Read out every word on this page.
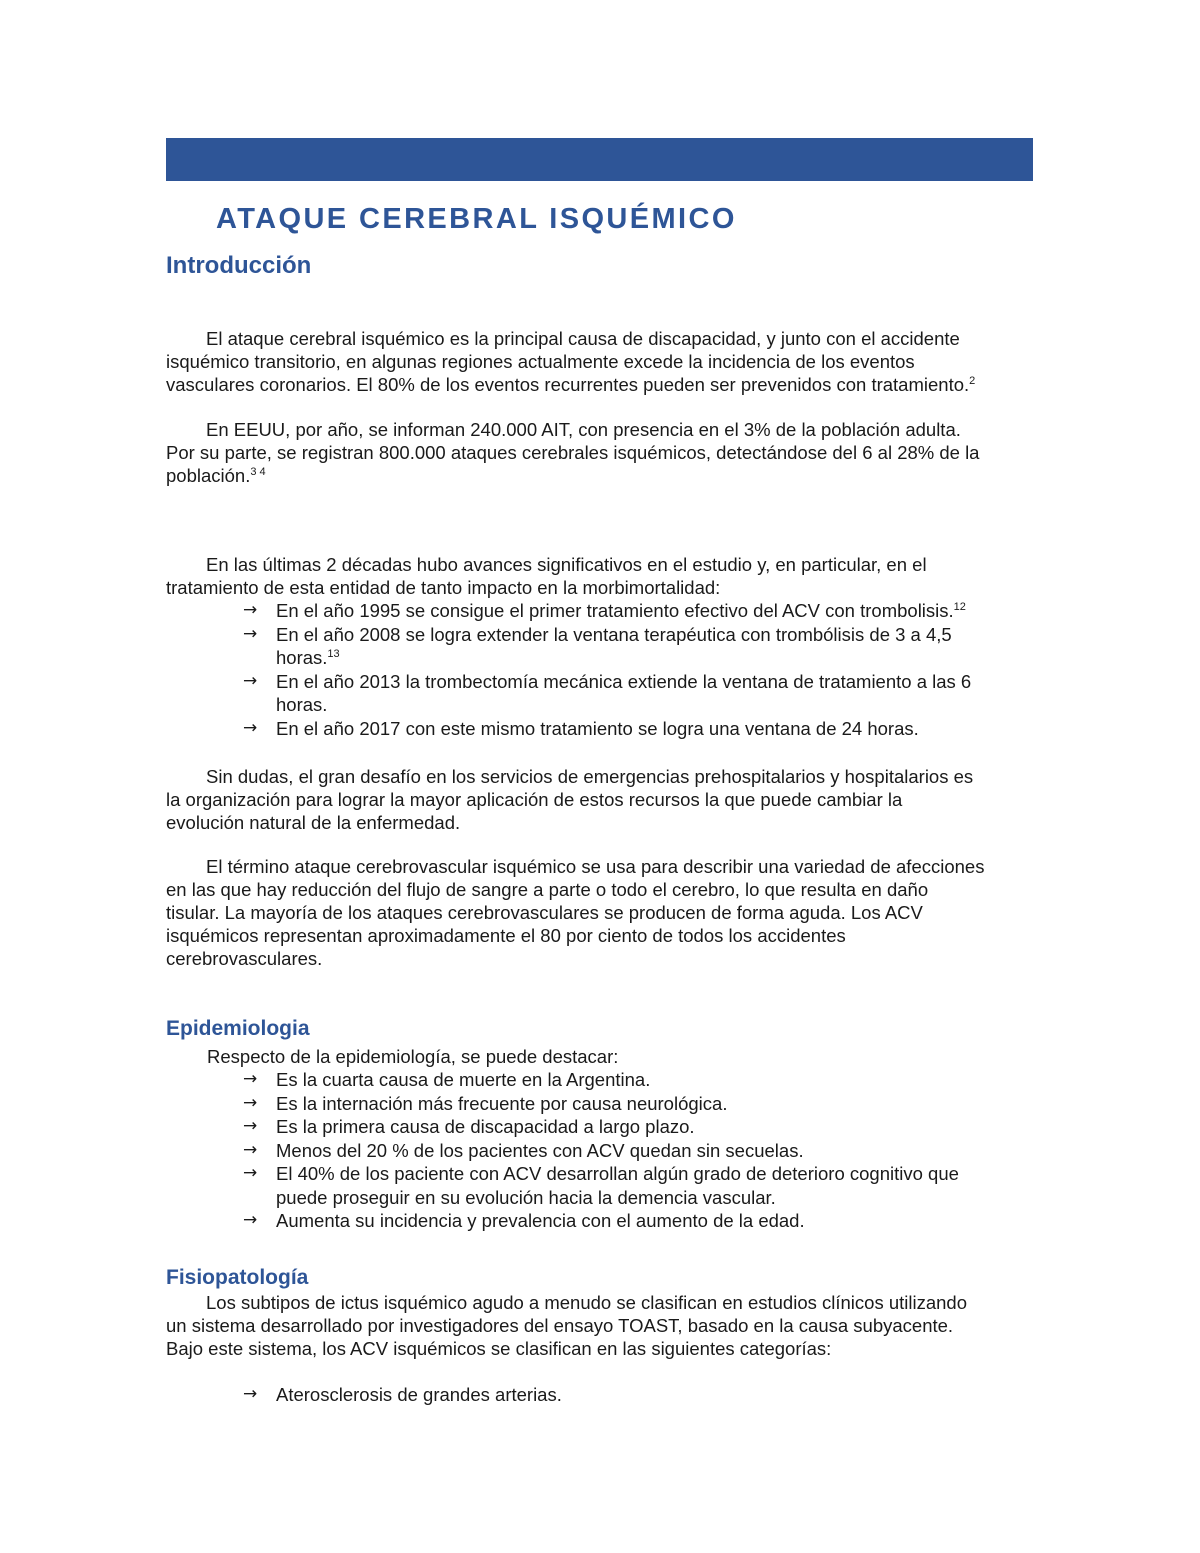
ATAQUE CEREBRAL ISQUÉMICO
Introducción

El ataque cerebral isquémico es la principal causa de discapacidad, y junto con el accidente
isquémico transitorio, en algunas regiones actualmente excede la incidencia de los eventos
vasculares coronarios. El 80% de los eventos recurrentes pueden ser prevenidos con tratamiento.$^2$

En EEUU, por año, se informan 240.000 AIT, con presencia en el 3% de la población adulta.
Por su parte, se registran 800.000 ataques cerebrales isquémicos, detectándose del 6 al 28% de la
población.$^{3 4}$

En las últimas 2 décadas hubo avances significativos en el estudio y, en particular, en el
tratamiento de esta entidad de tanto impacto en la morbimortalidad:

→ En el año 1995 se consigue el primer tratamiento efectivo del ACV con trombolisis.$^{12}$
→ En el año 2008 se logra extender la ventana terapéutica con trombólisis de 3 a 4,5
horas.$^{13}$
→ En el año 2013 la trombectomía mecánica extiende la ventana de tratamiento a las 6
horas.
→ En el año 2017 con este mismo tratamiento se logra una ventana de 24 horas.

Sin dudas, el gran desafío en los servicios de emergencias prehospitalarios y hospitalarios es
la organización para lograr la mayor aplicación de estos recursos la que puede cambiar la
evolución natural de la enfermedad.

El término ataque cerebrovascular isquémico se usa para describir una variedad de afecciones
en las que hay reducción del flujo de sangre a parte o todo el cerebro, lo que resulta en daño
tisular. La mayoría de los ataques cerebrovasculares se producen de forma aguda. Los ACV
isquémicos representan aproximadamente el 80 por ciento de todos los accidentes
cerebrovasculares.

Epidemiologia

Respecto de la epidemiología, se puede destacar:

→ Es la cuarta causa de muerte en la Argentina.
→ Es la internación más frecuente por causa neurológica.
→ Es la primera causa de discapacidad a largo plazo.
→ Menos del 20 % de los pacientes con ACV quedan sin secuelas.
→ El 40% de los paciente con ACV desarrollan algún grado de deterioro cognitivo que
puede proseguir en su evolución hacia la demencia vascular.
→ Aumenta su incidencia y prevalencia con el aumento de la edad.
Fisiopatología

Los subtipos de ictus isquémico agudo a menudo se clasifican en estudios clínicos utilizando
un sistema desarrollado por investigadores del ensayo TOAST, basado en la causa subyacente.
Bajo este sistema, los ACV isquémicos se clasifican en las siguientes categorías:

→ Aterosclerosis de grandes arterias.
